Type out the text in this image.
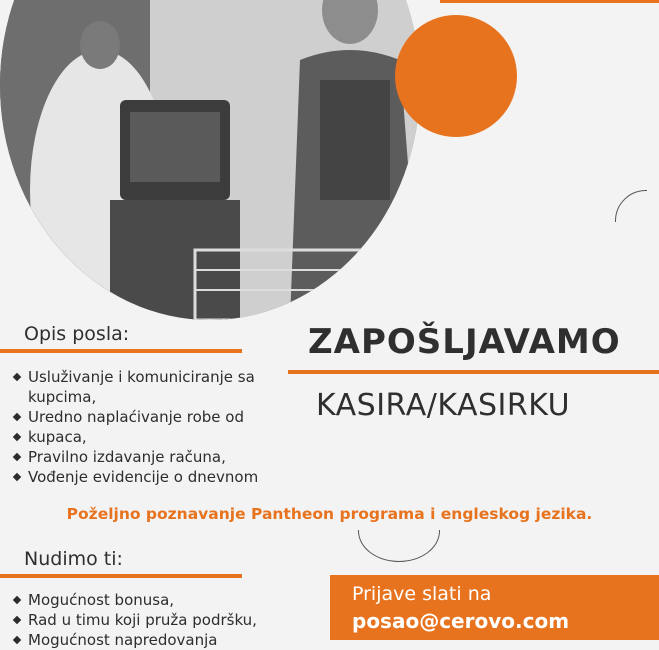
Opis posla:
Usluživanje i komuniciranje sa
kupcima,
Uredno naplaćivanje robe od
kupaca,
Pravilno izdavanje računa,
Vođenje evidencije o dnevnom
ZAPOŠLJAVAMO
KASIRA/KASIRKU
Poželjno poznavanje Pantheon programa i engleskog jezika.
Nudimo ti:
Mogućnost bonusa,
Rad u timu koji pruža podršku,
Mogućnost napredovanja
Prijave slati na
posao@cerovo.com
